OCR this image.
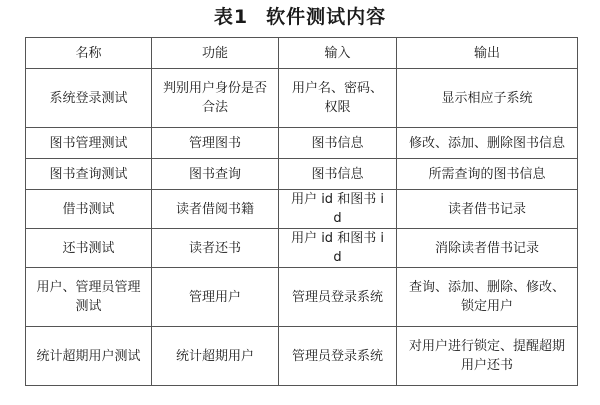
表1 软件测试内容
名称	功能	输入	输出
系统登录测试	判别用户身份是否合法	用户名、密码、权限	显示相应子系统
图书管理测试	管理图书	图书信息	修改、添加、删除图书信息
图书查询测试	图书查询	图书信息	所需查询的图书信息
借书测试	读者借阅书籍	用户 id 和图书 id	读者借书记录
还书测试	读者还书	用户 id 和图书 id	消除读者借书记录
用户、管理员管理测试	管理用户	管理员登录系统	查询、添加、删除、修改、锁定用户
统计超期用户测试	统计超期用户	管理员登录系统	对用户进行锁定、提醒超期用户还书
